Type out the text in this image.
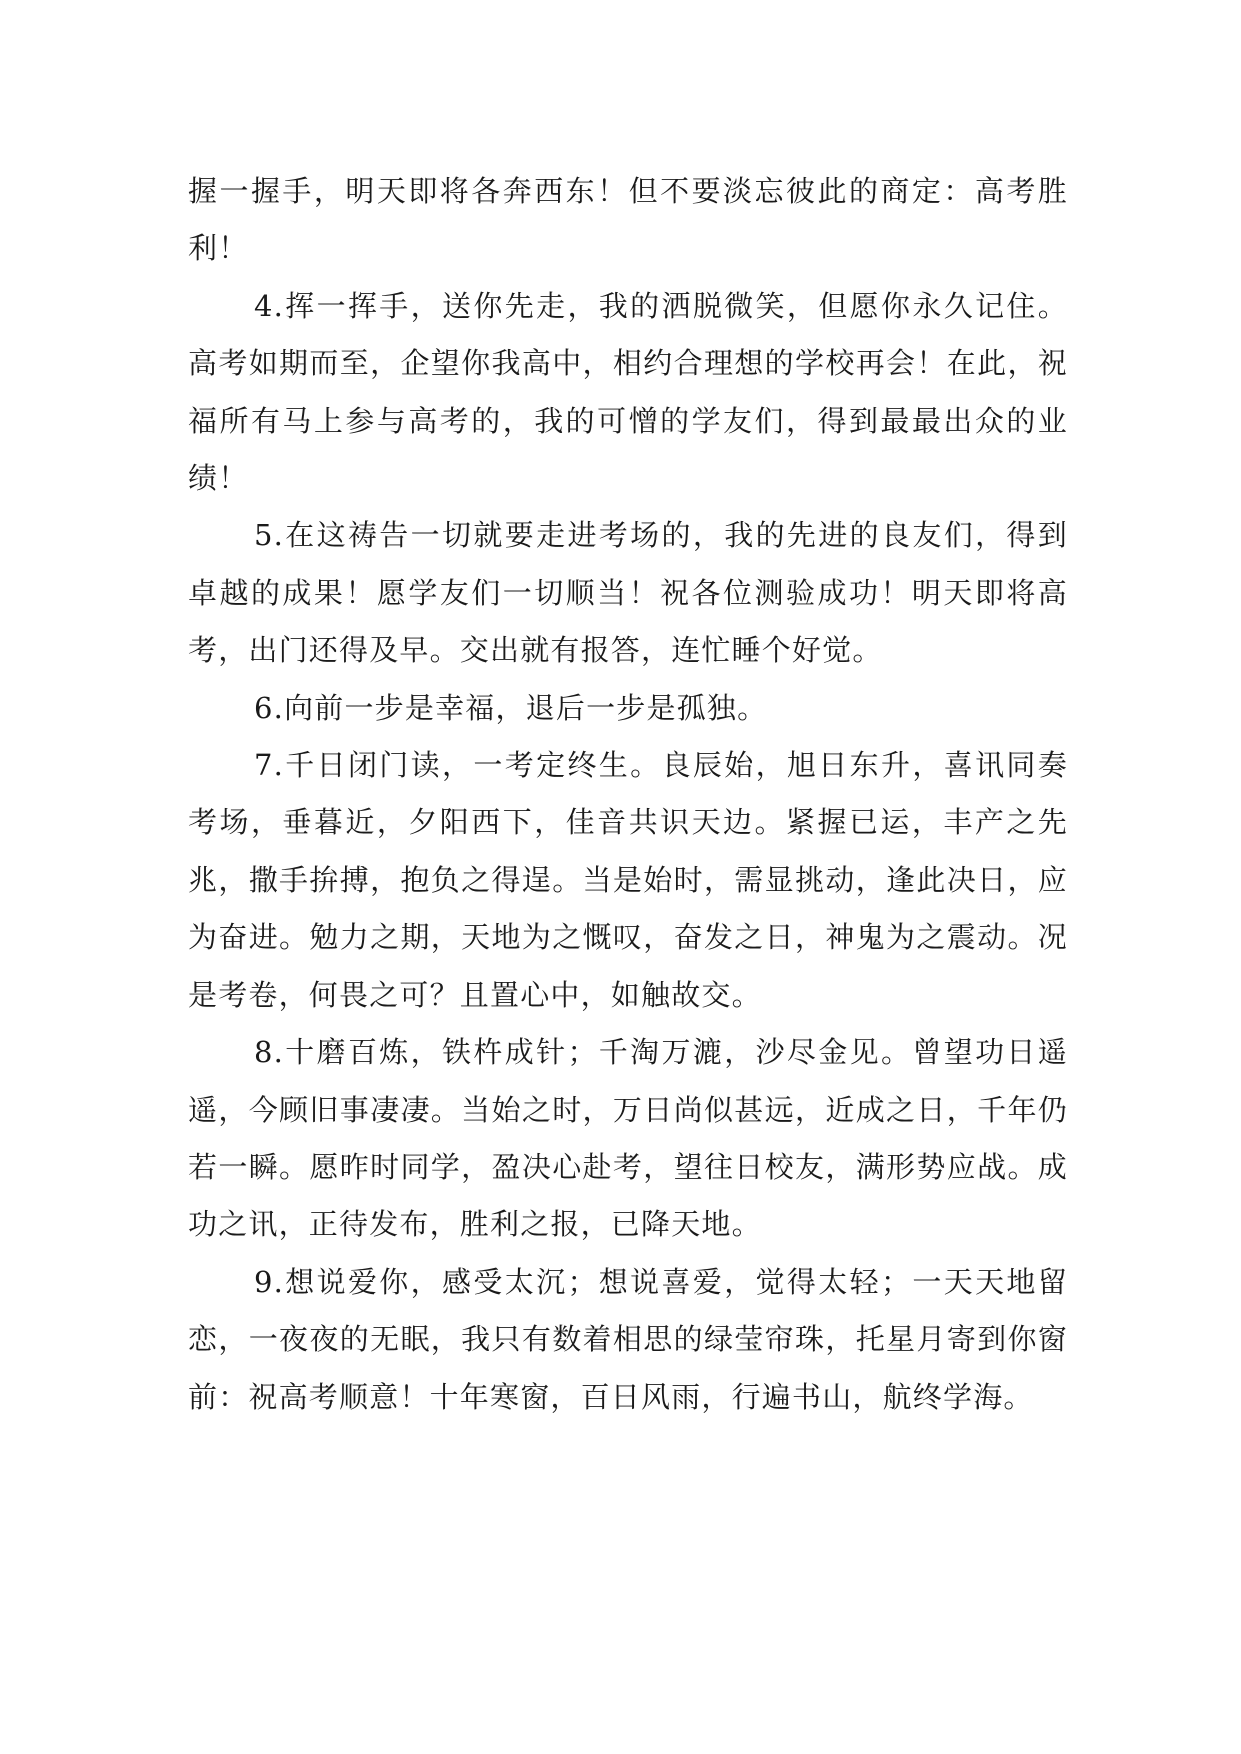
握一握手，明天即将各奔西东！但不要淡忘彼此的商定：高考胜利！

4.挥一挥手，送你先走，我的洒脱微笑，但愿你永久记住。高考如期而至，企望你我高中，相约合理想的学校再会！在此，祝福所有马上参与高考的，我的可憎的学友们，得到最最出众的业绩！

5.在这祷告一切就要走进考场的，我的先进的良友们，得到卓越的成果！愿学友们一切顺当！祝各位测验成功！明天即将高考，出门还得及早。交出就有报答，连忙睡个好觉。

6.向前一步是幸福，退后一步是孤独。

7.千日闭门读，一考定终生。良辰始，旭日东升，喜讯同奏考场，垂暮近，夕阳西下，佳音共识天边。紧握已运，丰产之先兆，撒手拚搏，抱负之得逞。当是始时，需显挑动，逢此决日，应为奋进。勉力之期，天地为之慨叹，奋发之日，神鬼为之震动。况是考卷，何畏之可？且置心中，如触故交。

8.十磨百炼，铁杵成针；千淘万漉，沙尽金见。曾望功日遥遥，今顾旧事凄凄。当始之时，万日尚似甚远，近成之日，千年仍若一瞬。愿昨时同学，盈决心赴考，望往日校友，满形势应战。成功之讯，正待发布，胜利之报，已降天地。

9.想说爱你，感受太沉；想说喜爱，觉得太轻；一天天地留恋，一夜夜的无眠，我只有数着相思的绿莹帘珠，托星月寄到你窗前：祝高考顺意！十年寒窗，百日风雨，行遍书山，航终学海。
